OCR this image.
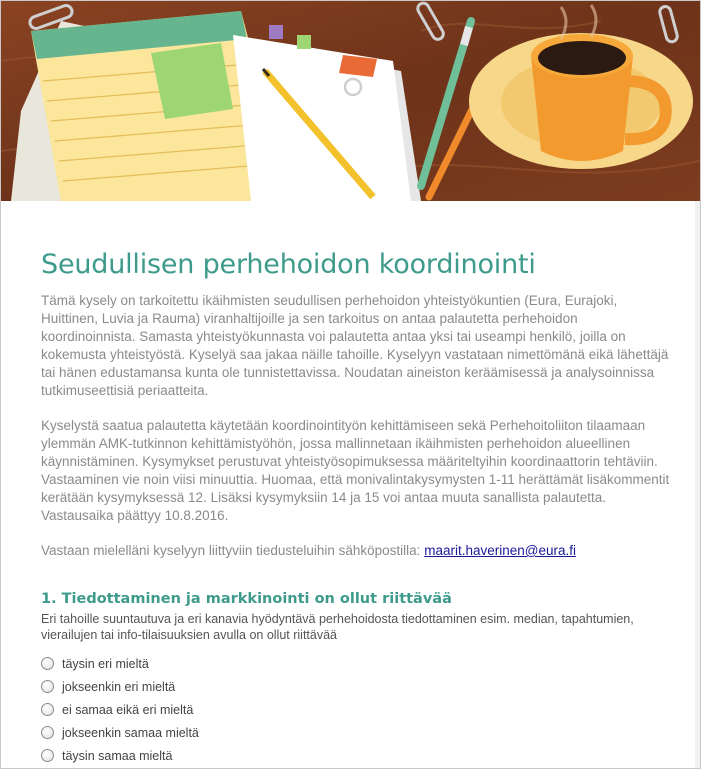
Seudullisen perhehoidon koordinointi

Tämä kysely on tarkoitettu ikäihmisten seudullisen perhehoidon yhteistyökuntien (Eura, Eurajoki, Huittinen, Luvia ja Rauma) viranhaltijoille ja sen tarkoitus on antaa palautetta perhehoidon koordinoinnista. Samasta yhteistyökunnasta voi palautetta antaa yksi tai useampi henkilö, joilla on kokemusta yhteistyöstä. Kyselyä saa jakaa näille tahoille. Kyselyyn vastataan nimettömänä eikä lähettäjä tai hänen edustamansa kunta ole tunnistettavissa. Noudatan aineiston keräämisessä ja analysoinnissa tutkimuseettisiä periaatteita.

Kyselystä saatua palautetta käytetään koordinointityön kehittämiseen sekä Perhehoitoliiton tilaamaan ylemmän AMK-tutkinnon kehittämistyöhön, jossa mallinnetaan ikäihmisten perhehoidon alueellinen käynnistäminen. Kysymykset perustuvat yhteistyösopimuksessa määriteltyihin koordinaattorin tehtäviin. Vastaaminen vie noin viisi minuuttia. Huomaa, että monivalintakysymysten 1-11 herättämät lisäkommentit kerätään kysymyksessä 12. Lisäksi kysymyksiin 14 ja 15 voi antaa muuta sanallista palautetta. Vastausaika päättyy 10.8.2016.

Vastaan mielelläni kyselyyn liittyviin tiedusteluihin sähköpostilla: maarit.haverinen@eura.fi

1. Tiedottaminen ja markkinointi on ollut riittävää

Eri tahoille suuntautuva ja eri kanavia hyödyntävä perhehoidosta tiedottaminen esim. median, tapahtumien, vierailujen tai info-tilaisuuksien avulla on ollut riittävää

täysin eri mieltä
jokseenkin eri mieltä
ei samaa eikä eri mieltä
jokseenkin samaa mieltä
täysin samaa mieltä
